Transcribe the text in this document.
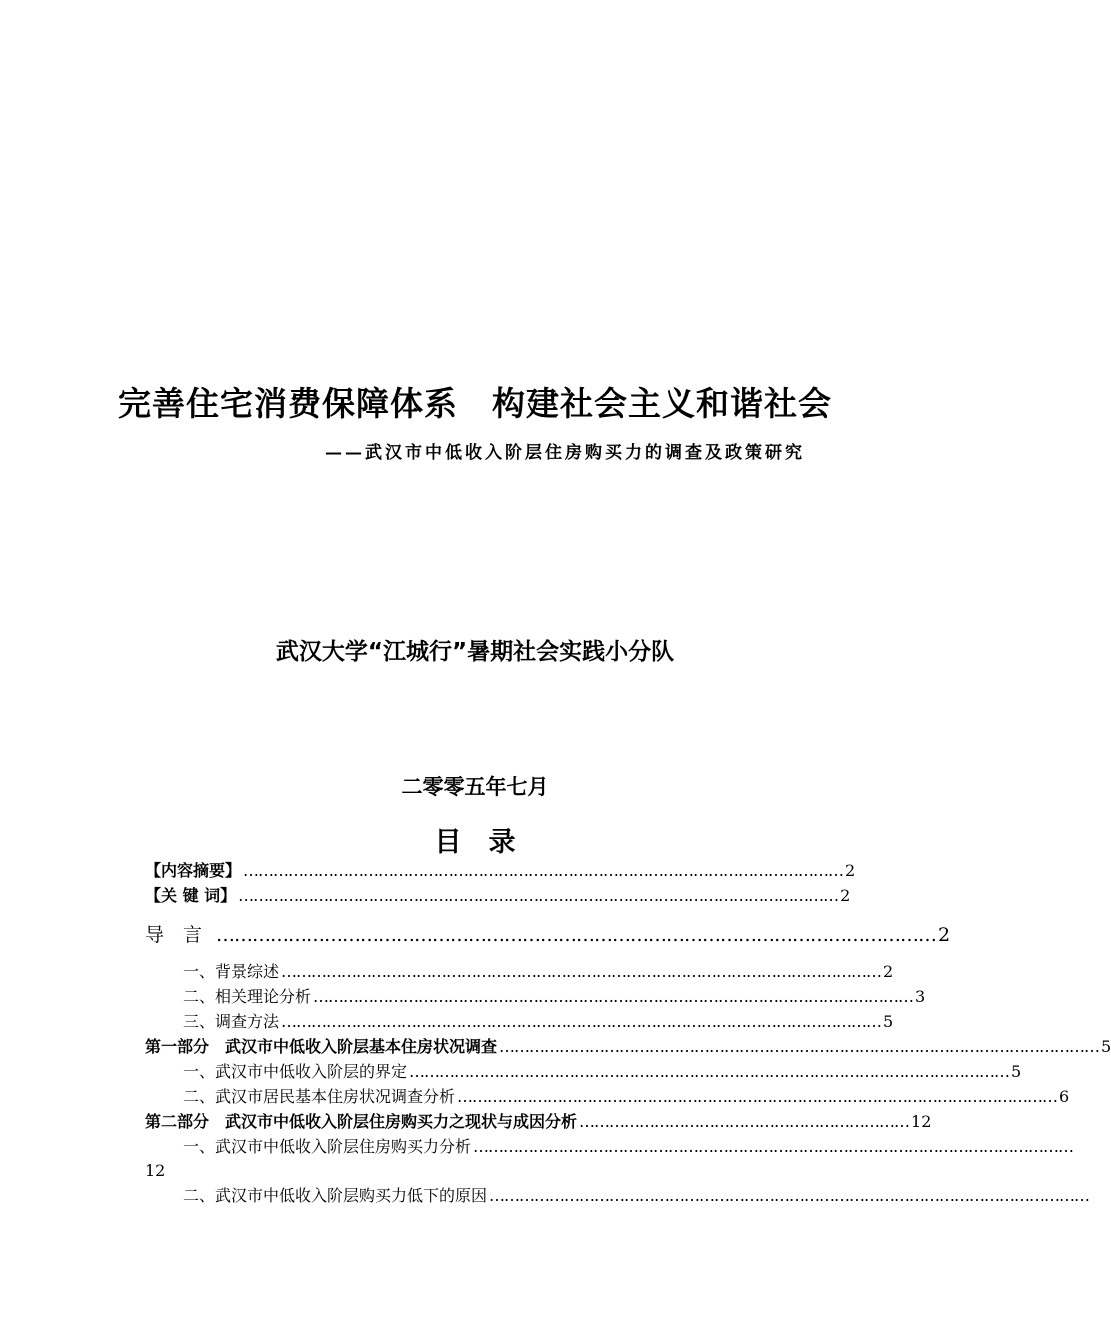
完善住宅消费保障体系　构建社会主义和谐社会
——武汉市中低收入阶层住房购买力的调查及政策研究
武汉大学“江城行”暑期社会实践小分队
二零零五年七月
目　录
【内容摘要】 ………………………………………………………………………………………………………… 2
【关 键 词】 ………………………………………………………………………………………………………… 2
导　言 ………………………………………………………………………………………………………… 2
一、背景综述 ………………………………………………………………………………………………………… 2
二、相关理论分析 ………………………………………………………………………………………………………… 3
三、调查方法 ………………………………………………………………………………………………………… 5
第一部分　武汉市中低收入阶层基本住房状况调查 ………………………………………………………………………………………………………… 5
一、武汉市中低收入阶层的界定 ………………………………………………………………………………………………………… 5
二、武汉市居民基本住房状况调查分析 ………………………………………………………………………………………………………… 6
第二部分　武汉市中低收入阶层住房购买力之现状与成因分析 ………………………………………………………… 12
一、武汉市中低收入阶层住房购买力分析 …………………………………………………………………………………………………………
12
二、武汉市中低收入阶层购买力低下的原因 …………………………………………………………………………………………………………
